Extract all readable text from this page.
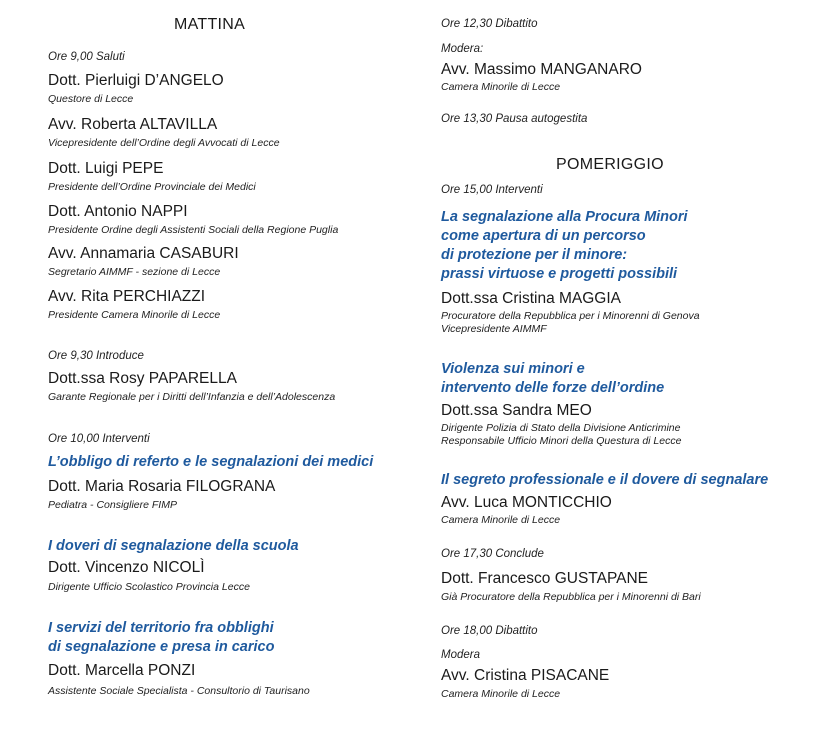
MATTINA
Ore 9,00 Saluti
Dott. Pierluigi D’ANGELO
Questore di Lecce
Avv. Roberta ALTAVILLA
Vicepresidente dell’Ordine degli Avvocati di Lecce
Dott. Luigi PEPE
Presidente dell’Ordine Provinciale dei Medici
Dott. Antonio NAPPI
Presidente Ordine degli Assistenti Sociali della Regione Puglia
Avv. Annamaria CASABURI
Segretario AIMMF - sezione di Lecce
Avv. Rita PERCHIAZZI
Presidente Camera Minorile di Lecce
Ore 9,30 Introduce
Dott.ssa Rosy PAPARELLA
Garante Regionale per i Diritti dell’Infanzia e dell’Adolescenza
Ore 10,00 Interventi
L’obbligo di referto e le segnalazioni dei medici
Dott. Maria Rosaria FILOGRANA
Pediatra - Consigliere FIMP
I doveri di segnalazione della scuola
Dott. Vincenzo NICOLÌ
Dirigente Ufficio Scolastico Provincia Lecce
I servizi del territorio fra obblighi
di segnalazione e presa in carico
Dott. Marcella PONZI
Assistente Sociale Specialista - Consultorio di Taurisano
Ore 12,30 Dibattito
Modera:
Avv. Massimo MANGANARO
Camera Minorile di Lecce
Ore 13,30 Pausa autogestita
POMERIGGIO
Ore 15,00 Interventi
La segnalazione alla Procura Minori
come apertura di un percorso
di protezione per il minore:
prassi virtuose e progetti possibili
Dott.ssa Cristina MAGGIA
Procuratore della Repubblica per i Minorenni di Genova
Vicepresidente AIMMF
Violenza sui minori e
intervento delle forze dell’ordine
Dott.ssa Sandra MEO
Dirigente Polizia di Stato della Divisione Anticrimine
Responsabile Ufficio Minori della Questura di Lecce
Il segreto professionale e il dovere di segnalare
Avv. Luca MONTICCHIO
Camera Minorile di Lecce
Ore 17,30 Conclude
Dott. Francesco GUSTAPANE
Già Procuratore della Repubblica per i Minorenni di Bari
Ore 18,00 Dibattito
Modera
Avv. Cristina PISACANE
Camera Minorile di Lecce
